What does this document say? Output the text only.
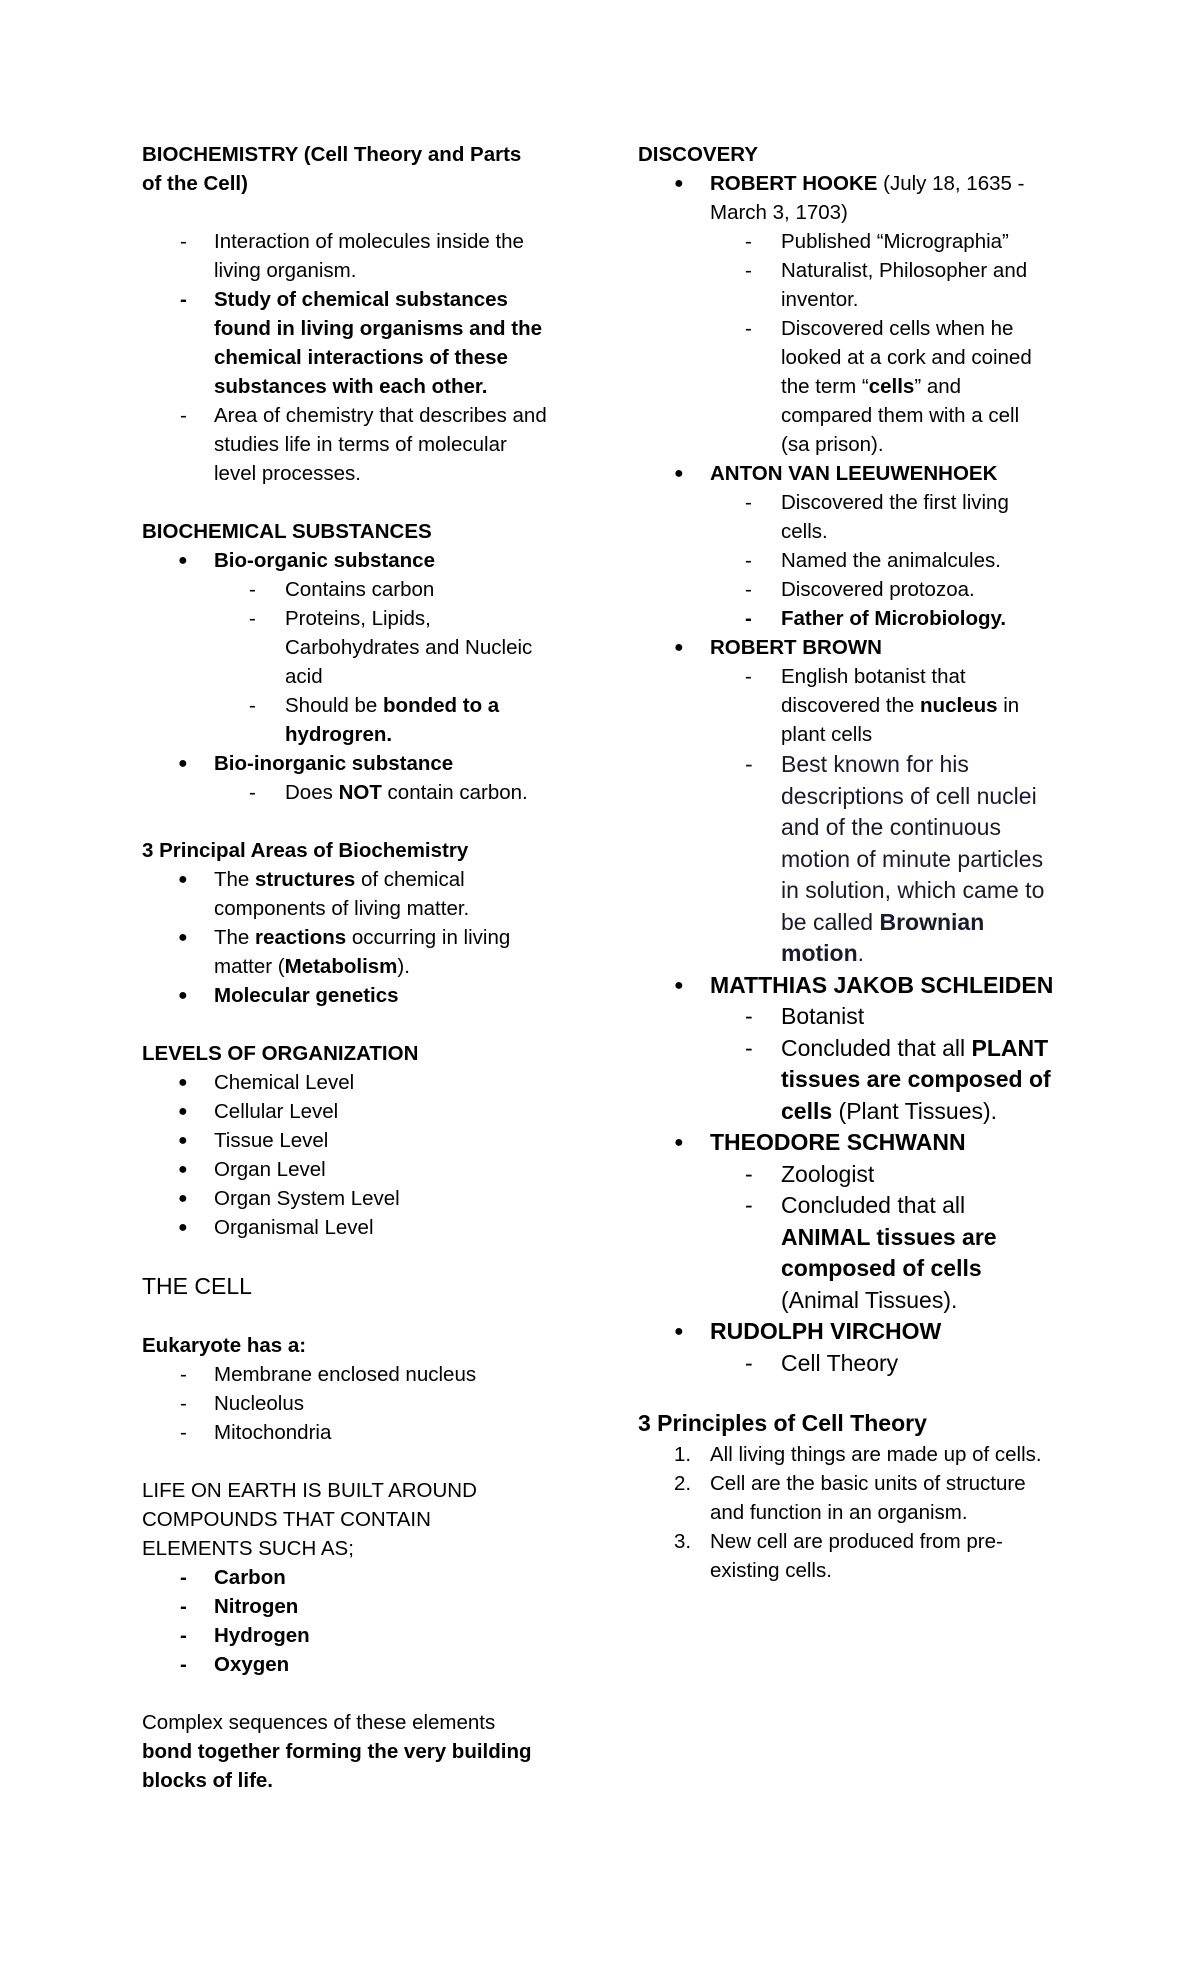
BIOCHEMISTRY (Cell Theory and Parts
of the Cell)
-	Interaction of molecules inside the
living organism.
-	Study of chemical substances
found in living organisms and the
chemical interactions of these
substances with each other.
-	Area of chemistry that describes and
studies life in terms of molecular
level processes.
BIOCHEMICAL SUBSTANCES
●	Bio-organic substance
-	Contains carbon
-	Proteins, Lipids,
Carbohydrates and Nucleic
acid
-	Should be bonded to a
hydrogren.
●	Bio-inorganic substance
-	Does NOT contain carbon.
3 Principal Areas of Biochemistry
●	The structures of chemical
components of living matter.
●	The reactions occurring in living
matter (Metabolism).
●	Molecular genetics
LEVELS OF ORGANIZATION
●	Chemical Level
●	Cellular Level
●	Tissue Level
●	Organ Level
●	Organ System Level
●	Organismal Level
THE CELL
Eukaryote has a:
-	Membrane enclosed nucleus
-	Nucleolus
-	Mitochondria
LIFE ON EARTH IS BUILT AROUND
COMPOUNDS THAT CONTAIN
ELEMENTS SUCH AS;
-	Carbon
-	Nitrogen
-	Hydrogen
-	Oxygen
Complex sequences of these elements
bond together forming the very building
blocks of life.
DISCOVERY
●	ROBERT HOOKE (July 18, 1635 -
March 3, 1703)
-	Published “Micrographia”
-	Naturalist, Philosopher and
inventor.
-	Discovered cells when he
looked at a cork and coined
the term “cells” and
compared them with a cell
(sa prison).
●	ANTON VAN LEEUWENHOEK
-	Discovered the first living
cells.
-	Named the animalcules.
-	Discovered protozoa.
-	Father of Microbiology.
●	ROBERT BROWN
-	English botanist that
discovered the nucleus in
plant cells
-	Best known for his
descriptions of cell nuclei
and of the continuous
motion of minute particles
in solution, which came to
be called Brownian
motion.
●	MATTHIAS JAKOB SCHLEIDEN
-	Botanist
-	Concluded that all PLANT
tissues are composed of
cells (Plant Tissues).
●	THEODORE SCHWANN
-	Zoologist
-	Concluded that all
ANIMAL tissues are
composed of cells
(Animal Tissues).
●	RUDOLPH VIRCHOW
-	Cell Theory
3 Principles of Cell Theory
1. All living things are made up of cells.
2. Cell are the basic units of structure
and function in an organism.
3. New cell are produced from pre-
existing cells.
